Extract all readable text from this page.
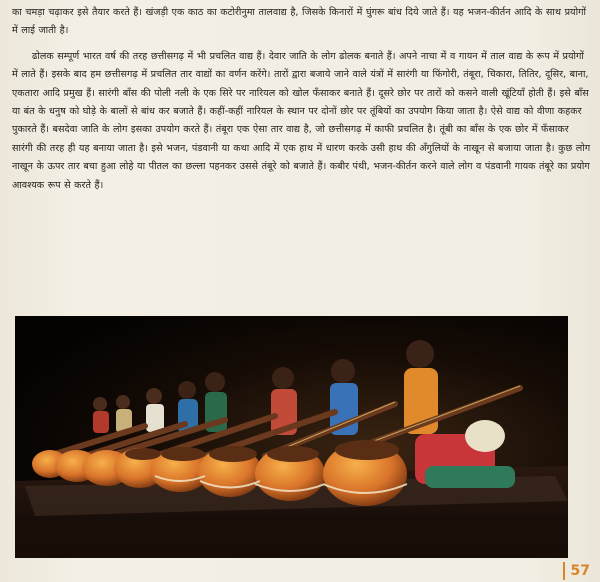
का चमड़ा चढ़ाकर इसे तैयार करते हैं। खंजड़ी एक काठ का कटोरीनुमा तालवाद्य है, जिसके किनारों में घुंगरू बांध दिये जाते हैं। यह भजन-कीर्तन आदि के साथ प्रयोगों में लाई जाती है।

ढोलक सम्पूर्ण भारत वर्ष की तरह छत्तीसगढ़ में भी प्रचलित वाद्य हैं। देवार जाति के लोग ढोलक बनाते हैं। अपने नाचा में व गायन में ताल वाद्य के रूप में प्रयोगों में लाते हैं। इसके बाद हम छत्तीसगढ़ में प्रचलित तार वाद्यों का वर्णन करेंगे। तारों द्वारा बजाये जाने वाले यंत्रों में सारंगी या फिंगोरी, तंबूरा, चिकारा, तितिर, दूसिर, बाना, एकतारा आदि प्रमुख हैं। सारंगी बाँस की पोली नली के एक सिरे पर नारियल को खोल फँसाकर बनाते हैं। दूसरे छोर पर तारों को कसने वाली खूंटियाँ होती हैं। इसे बाँस या बंत के धनुष को घोड़े के बालों से बांध कर बजाते हैं। कहीं-कहीं नारियल के स्थान पर दोनों छोर पर तूंबियों का उपयोग किया जाता है। ऐसे वाद्य को वीणा कहकर पुकारते हैं। बसदेवा जाति के लोग इसका उपयोग करते हैं। तंबूरा एक ऐसा तार वाद्य है, जो छत्तीसगढ़ में काफी प्रचलित है। तूंबी का बाँस के एक छोर में फँसाकर सारंगी की तरह ही यह बनाया जाता है। इसे भजन, पंडवानी या कथा आदि में एक हाथ में धारण करके उसी हाथ की अँगुलियों के नाखून से बजाया जाता है। कुछ लोग नाखून के ऊपर तार बचा हुआ लोहे या पीतल का छल्ला पहनकर उससे तंबूरे को बजाते हैं। कबीर पंथी, भजन-कीर्तन करने वाले लोग व पंडवानी गायक तंबूरे का प्रयोग आवश्यक रूप से करते हैं।

57
